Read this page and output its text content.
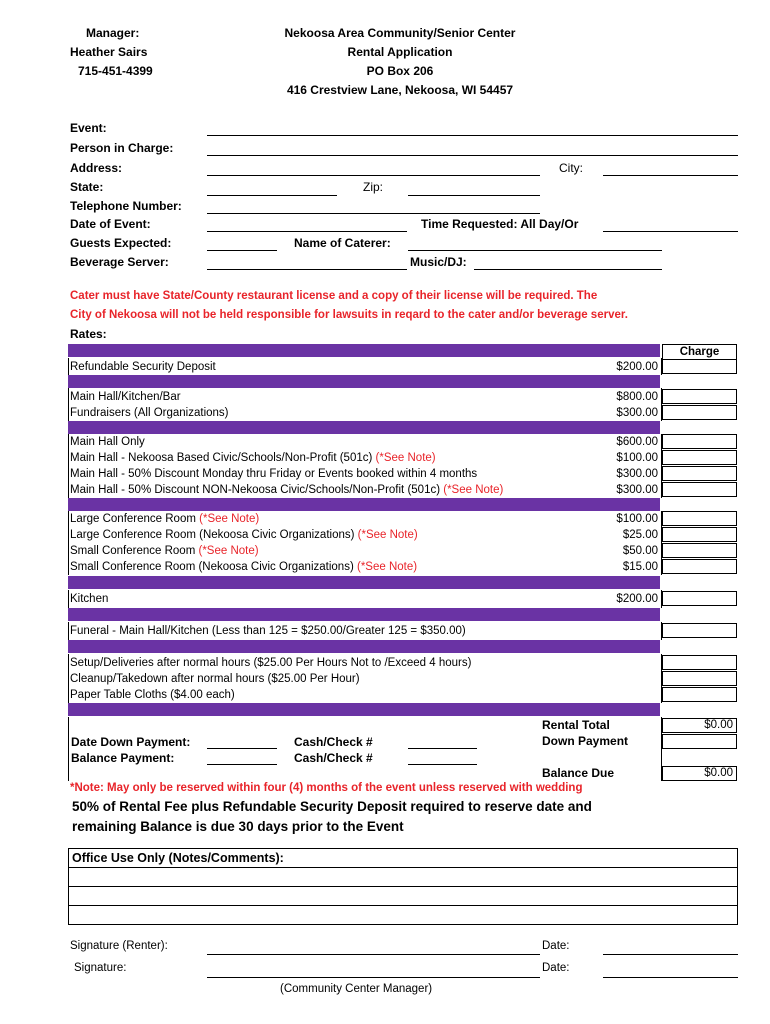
Manager:
Heather Sairs
715-451-4399
Nekoosa Area Community/Senior Center
Rental Application
PO Box 206
416 Crestview Lane, Nekoosa, WI 54457
Event:
Person in Charge:
Address:	City:
State:	Zip:
Telephone Number:
Date of Event:	Time Requested: All Day/Or
Guests Expected:	Name of Caterer:
Beverage Server:	Music/DJ:
Cater must have State/County restaurant license and a copy of their license will be required. The
City of Nekoosa will not be held responsible for lawsuits in reqard to the cater and/or beverage server.
Rates:
Charge
Refundable Security Deposit	$200.00
Main Hall/Kitchen/Bar	$800.00
Fundraisers (All Organizations)	$300.00
Main Hall Only	$600.00
Main Hall - Nekoosa Based Civic/Schools/Non-Profit (501c) (*See Note)	$100.00
Main Hall - 50% Discount Monday thru Friday or Events booked within 4 months	$300.00
Main Hall - 50% Discount NON-Nekoosa Civic/Schools/Non-Profit (501c) (*See Note)	$300.00
Large Conference Room (*See Note)	$100.00
Large Conference Room (Nekoosa Civic Organizations) (*See Note)	$25.00
Small Conference Room (*See Note)	$50.00
Small Conference Room (Nekoosa Civic Organizations) (*See Note)	$15.00
Kitchen	$200.00
Funeral - Main Hall/Kitchen (Less than 125 = $250.00/Greater 125 = $350.00)
Setup/Deliveries after normal hours ($25.00 Per Hours Not to /Exceed 4 hours)
Cleanup/Takedown after normal hours ($25.00 Per Hour)
Paper Table Cloths ($4.00 each)
Rental Total	$0.00
Down Payment
Date Down Payment:	Cash/Check #
Balance Payment:	Cash/Check #
Balance Due	$0.00
*Note: May only be reserved within four (4) months of the event unless reserved with wedding
50% of Rental Fee plus Refundable Security Deposit required to reserve date and
remaining Balance is due 30 days prior to the Event
Office Use Only (Notes/Comments):
Signature (Renter):	Date:
Signature:	Date:
(Community Center Manager)
